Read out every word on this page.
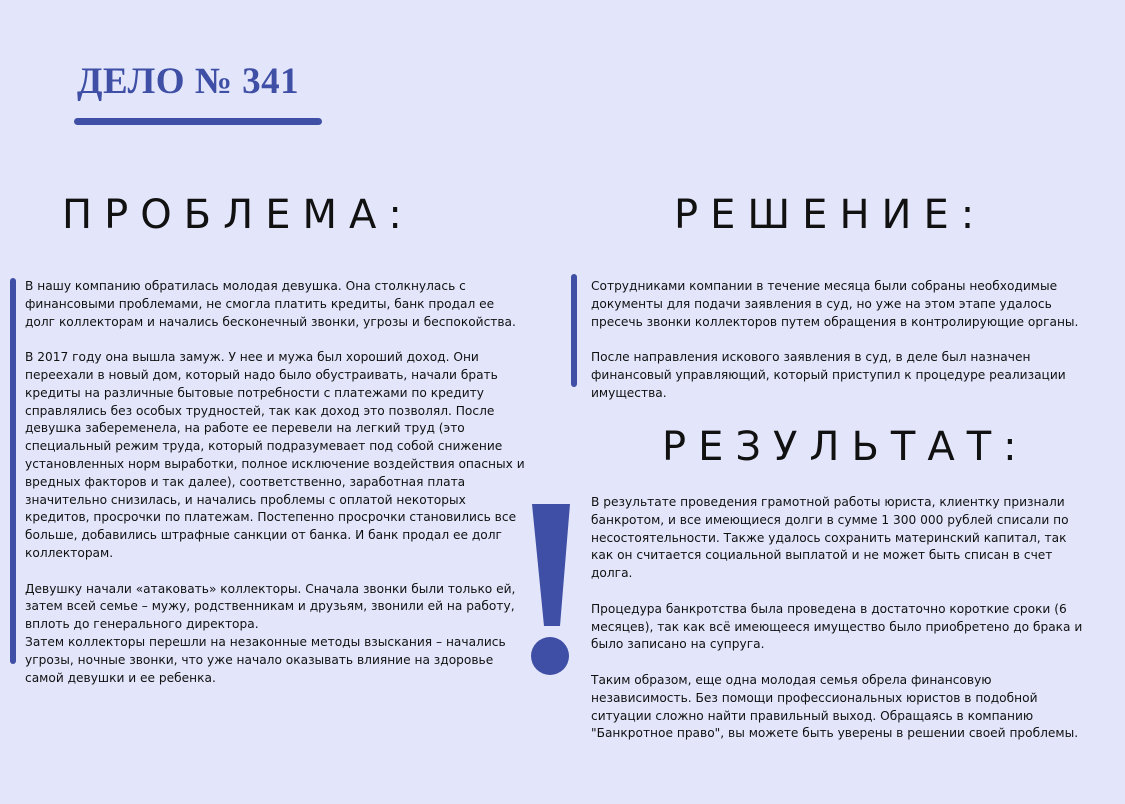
ДЕЛО № 341
ПРОБЛЕМА:	РЕШЕНИЕ:
РЕЗУЛЬТАТ:

В нашу компанию обратилась молодая девушка. Она столкнулась с финансовыми проблемами, не смогла платить кредиты, банк продал ее долг коллекторам и начались бесконечный звонки, угрозы и беспокойства.

В 2017 году она вышла замуж. У нее и мужа был хороший доход. Они переехали в новый дом, который надо было обустраивать, начали брать кредиты на различные бытовые потребности с платежами по кредиту справлялись без особых трудностей, так как доход это позволял. После девушка забеременела, на работе ее перевели на легкий труд (это специальный режим труда, который подразумевает под собой снижение установленных норм выработки, полное исключение воздействия опасных и вредных факторов и так далее), соответственно, заработная плата значительно снизилась, и начались проблемы с оплатой некоторых кредитов, просрочки по платежам. Постепенно просрочки становились все больше, добавились штрафные санкции от банка. И банк продал ее долг коллекторам.

Девушку начали «атаковать» коллекторы. Сначала звонки были только ей, затем всей семье – мужу, родственникам и друзьям, звонили ей на работу, вплоть до генерального директора.

Затем коллекторы перешли на незаконные методы взыскания – начались угрозы, ночные звонки, что уже начало оказывать влияние на здоровье самой девушки и ее ребенка.

Сотрудниками компании в течение месяца были собраны необходимые документы для подачи заявления в суд, но уже на этом этапе удалось пресечь звонки коллекторов путем обращения в контролирующие органы.

После направления искового заявления в суд, в деле был назначен финансовый управляющий, который приступил к процедуре реализации имущества.

В результате проведения грамотной работы юриста, клиентку признали банкротом, и все имеющиеся долги в сумме 1 300 000 рублей списали по несостоятельности. Также удалось сохранить материнский капитал, так как он считается социальной выплатой и не может быть списан в счет долга.

Процедура банкротства была проведена в достаточно короткие сроки (6 месяцев), так как всё имеющееся имущество было приобретено до брака и было записано на супруга.

Таким образом, еще одна молодая семья обрела финансовую независимость. Без помощи профессиональных юристов в подобной ситуации сложно найти правильный выход. Обращаясь в компанию "Банкротное право", вы можете быть уверены в решении своей проблемы.
